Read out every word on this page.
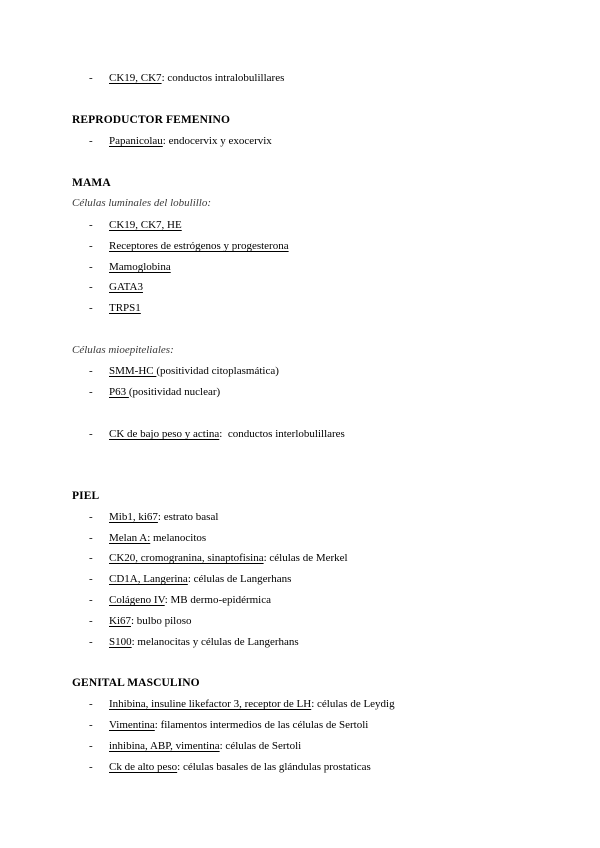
- CK19, CK7: conductos intralobulillares
REPRODUCTOR FEMENINO
- Papanicolau: endocervix y exocervix
MAMA
Células luminales del lobulillo:
- CK19, CK7, HE
- Receptores de estrógenos y progesterona
- Mamoglobina
- GATA3
- TRPS1
Células mioepiteliales:
- SMM-HC (positividad citoplasmática)
- P63 (positividad nuclear)
- CK de bajo peso y actina:  conductos interlobulillares
PIEL
- Mib1, ki67: estrato basal
- Melan A: melanocitos
- CK20, cromogranina, sinaptofisina: células de Merkel
- CD1A, Langerina: células de Langerhans
- Colágeno IV: MB dermo-epidérmica
- Ki67: bulbo piloso
- S100: melanocitas y células de Langerhans
GENITAL MASCULINO
- Inhibina, insuline likefactor 3, receptor de LH: células de Leydig
- Vimentina: filamentos intermedios de las células de Sertoli
- inhibina, ABP, vimentina: células de Sertoli
- Ck de alto peso: células basales de las glándulas prostaticas
